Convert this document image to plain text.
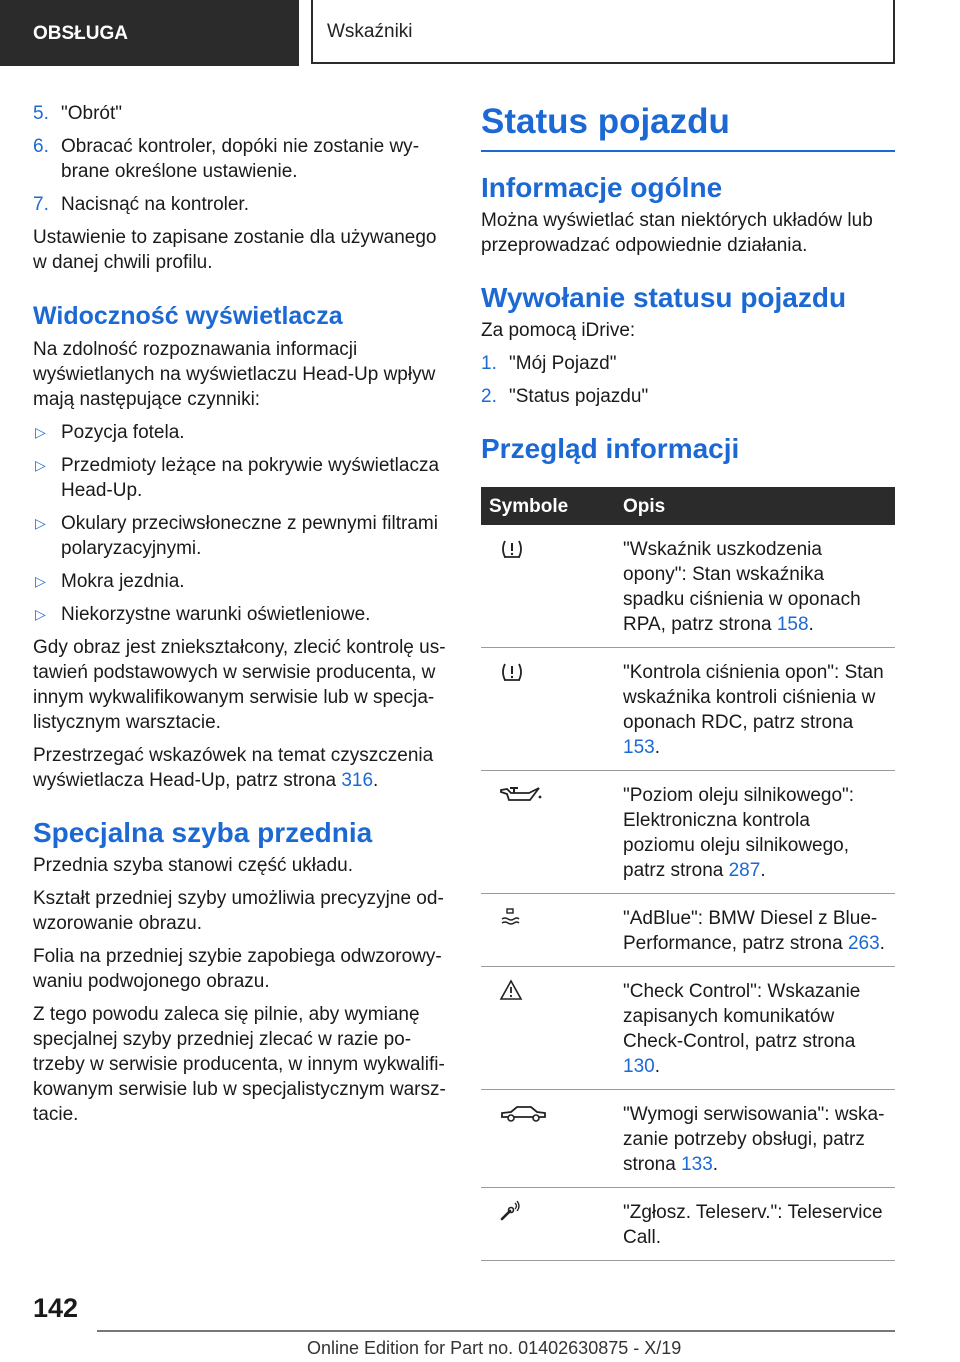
OBSŁUGA	Wskaźniki
5. "Obrót"
6. Obracać kontroler, dopóki nie zostanie wybrane określone ustawienie.
7. Nacisnąć na kontroler.

Ustawienie to zapisane zostanie dla używanego w danej chwili profilu.

Widoczność wyświetlacza

Na zdolność rozpoznawania informacji wyświetlanych na wyświetlaczu Head-Up wpływ mają następujące czynniki:

▷ Pozycja fotela.
▷ Przedmioty leżące na pokrywie wyświetlacza Head-Up.
▷ Okulary przeciwsłoneczne z pewnymi filtrami polaryzacyjnymi.
▷ Mokra jezdnia.
▷ Niekorzystne warunki oświetleniowe.

Gdy obraz jest zniekształcony, zlecić kontrolę ustawień podstawowych w serwisie producenta, w innym wykwalifikowanym serwisie lub w specjalistycznym warsztacie.

Przestrzegać wskazówek na temat czyszczenia wyświetlacza Head-Up, patrz strona 316.

Specjalna szyba przednia

Przednia szyba stanowi część układu.

Kształt przedniej szyby umożliwia precyzyjne odwzorowanie obrazu.

Folia na przedniej szybie zapobiega odwzorowywaniu podwojonego obrazu.

Z tego powodu zaleca się pilnie, aby wymianę specjalnej szyby przedniej zlecać w razie potrzeby w serwisie producenta, w innym wykwalifikowanym serwisie lub w specjalistycznym warsztacie.

Status pojazdu
Informacje ogólne

Można wyświetlać stan niektórych układów lub przeprowadzać odpowiednie działania.

Wywołanie statusu pojazdu

Za pomocą iDrive:

1. "Mój Pojazd"
2. "Status pojazdu"
Przegląd informacji
Symbole	Opis

	"Wskaźnik uszkodzenia opony": Stan wskaźnika spadku ciśnienia w oponach RPA, patrz strona 158.

	"Kontrola ciśnienia opon": Stan wskaźnika kontroli ciśnienia w oponach RDC, patrz strona 153.

	"Poziom oleju silnikowego": Elektroniczna kontrola poziomu oleju silnikowego, patrz strona 287.

	"AdBlue": BMW Diesel z BluePerformance, patrz strona 263.

	"Check Control": Wskazanie zapisanych komunikatów Check-Control, patrz strona 130.

	"Wymogi serwisowania": wskazanie potrzeby obsługi, patrz strona 133.

	"Zgłosz. Teleserv.": Teleservice Call.
142
Online Edition for Part no. 01402630875 - X/19
